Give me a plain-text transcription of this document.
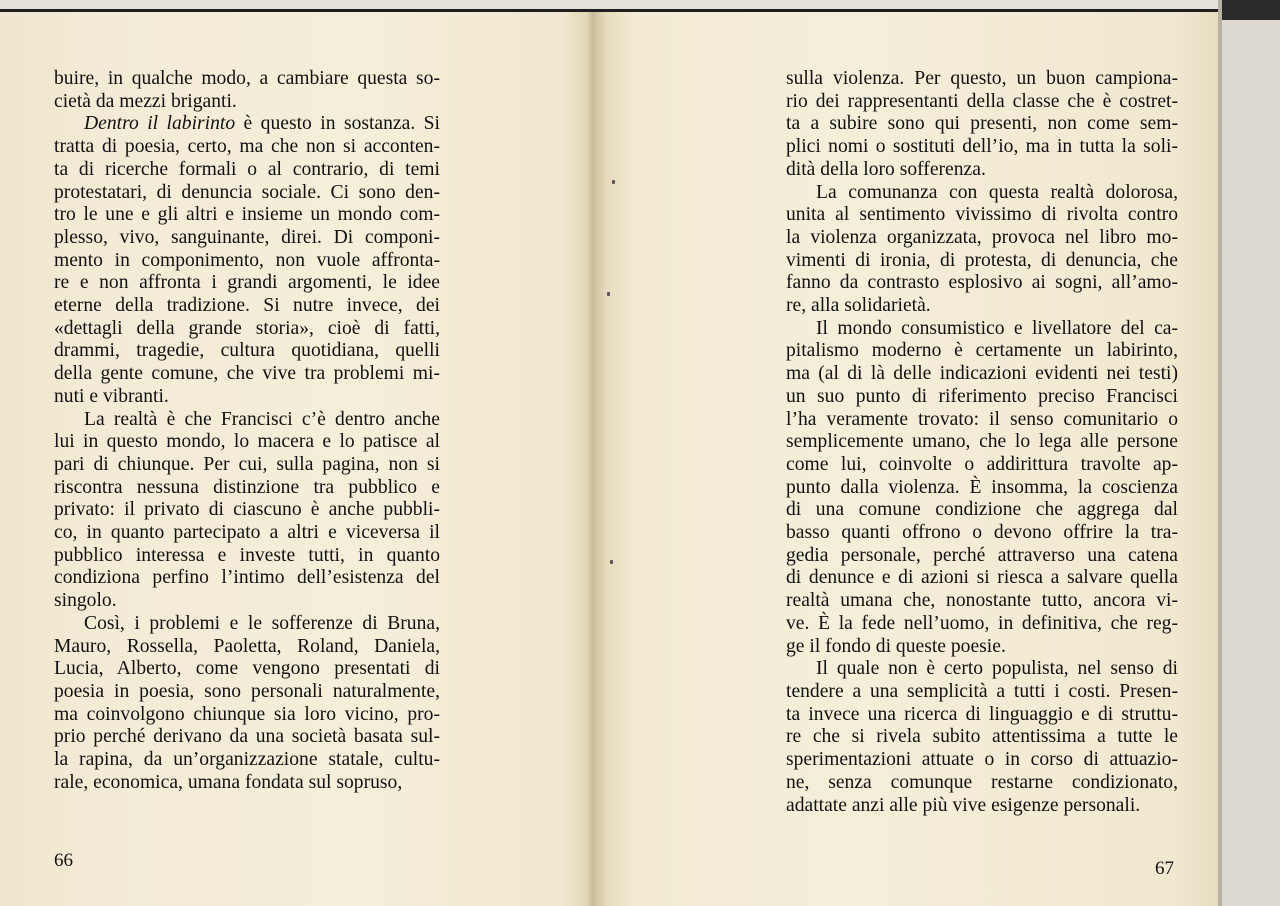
buire, in qualche modo, a cambiare questa so-
cietà da mezzi briganti.

Dentro il labirinto è questo in sostanza. Si
tratta di poesia, certo, ma che non si acconten-
ta di ricerche formali o al contrario, di temi
protestatari, di denuncia sociale. Ci sono den-
tro le une e gli altri e insieme un mondo com-
plesso, vivo, sanguinante, direi. Di componi-
mento in componimento, non vuole affronta-
re e non affronta i grandi argomenti, le idee
eterne della tradizione. Si nutre invece, dei
«dettagli della grande storia», cioè di fatti,
drammi, tragedie, cultura quotidiana, quelli
della gente comune, che vive tra problemi mi-
nuti e vibranti.

La realtà è che Francisci c’è dentro anche
lui in questo mondo, lo macera e lo patisce al
pari di chiunque. Per cui, sulla pagina, non si
riscontra nessuna distinzione tra pubblico e
privato: il privato di ciascuno è anche pubbli-
co, in quanto partecipato a altri e viceversa il
pubblico interessa e investe tutti, in quanto
condiziona perfino l’intimo dell’esistenza del
singolo.

Così, i problemi e le sofferenze di Bruna,
Mauro, Rossella, Paoletta, Roland, Daniela,
Lucia, Alberto, come vengono presentati di
poesia in poesia, sono personali naturalmente,
ma coinvolgono chiunque sia loro vicino, pro-
prio perché derivano da una società basata sul-
la rapina, da un’organizzazione statale, cultu-
rale, economica, umana fondata sul sopruso,

sulla violenza. Per questo, un buon campiona-
rio dei rappresentanti della classe che è costret-
ta a subire sono qui presenti, non come sem-
plici nomi o sostituti dell’io, ma in tutta la soli-
dità della loro sofferenza.

La comunanza con questa realtà dolorosa,
unita al sentimento vivissimo di rivolta contro
la violenza organizzata, provoca nel libro mo-
vimenti di ironia, di protesta, di denuncia, che
fanno da contrasto esplosivo ai sogni, all’amo-
re, alla solidarietà.

Il mondo consumistico e livellatore del ca-
pitalismo moderno è certamente un labirinto,
ma (al di là delle indicazioni evidenti nei testi)
un suo punto di riferimento preciso Francisci
l’ha veramente trovato: il senso comunitario o
semplicemente umano, che lo lega alle persone
come lui, coinvolte o addirittura travolte ap-
punto dalla violenza. È insomma, la coscienza
di una comune condizione che aggrega dal
basso quanti offrono o devono offrire la tra-
gedia personale, perché attraverso una catena
di denunce e di azioni si riesca a salvare quella
realtà umana che, nonostante tutto, ancora vi-
ve. È la fede nell’uomo, in definitiva, che reg-
ge il fondo di queste poesie.

Il quale non è certo populista, nel senso di
tendere a una semplicità a tutti i costi. Presen-
ta invece una ricerca di linguaggio e di struttu-
re che si rivela subito attentissima a tutte le
sperimentazioni attuate o in corso di attuazio-
ne, senza comunque restarne condizionato,
adattate anzi alle più vive esigenze personali.

66	67
